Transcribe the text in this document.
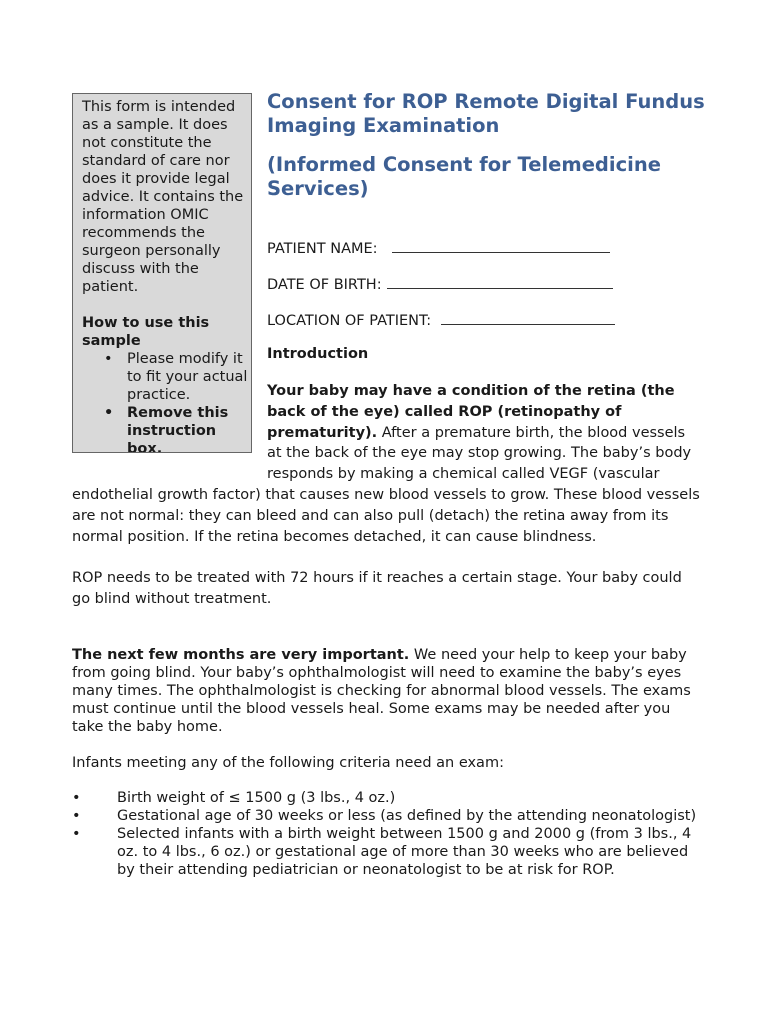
This form is intended as a sample. It does not constitute the standard of care nor does it provide legal advice. It contains the information OMIC recommends the surgeon personally discuss with the patient.

How to use this sample

• Please modify it to fit your actual practice.
• Remove this instruction box.
Consent for ROP Remote Digital Fundus Imaging Examination
(Informed Consent for Telemedicine Services)
PATIENT NAME:
DATE OF BIRTH:
LOCATION OF PATIENT:
Introduction
Your baby may have a condition of the retina (the back of the eye) called ROP (retinopathy of prematurity). After a premature birth, the blood vessels at the back of the eye may stop growing. The baby’s body responds by making a chemical called VEGF (vascular endothelial growth factor) that causes new blood vessels to grow. These blood vessels are not normal: they can bleed and can also pull (detach) the retina away from its normal position. If the retina becomes detached, it can cause blindness.
ROP needs to be treated with 72 hours if it reaches a certain stage. Your baby could go blind without treatment.
The next few months are very important. We need your help to keep your baby from going blind. Your baby’s ophthalmologist will need to examine the baby’s eyes many times. The ophthalmologist is checking for abnormal blood vessels. The exams must continue until the blood vessels heal. Some exams may be needed after you take the baby home.
Infants meeting any of the following criteria need an exam:
•	Birth weight of ≤ 1500 g (3 lbs., 4 oz.)
•	Gestational age of 30 weeks or less (as defined by the attending neonatologist)
•	Selected infants with a birth weight between 1500 g and 2000 g (from 3 lbs., 4 oz. to 4 lbs., 6 oz.) or gestational age of more than 30 weeks who are believed by their attending pediatrician or neonatologist to be at risk for ROP.
